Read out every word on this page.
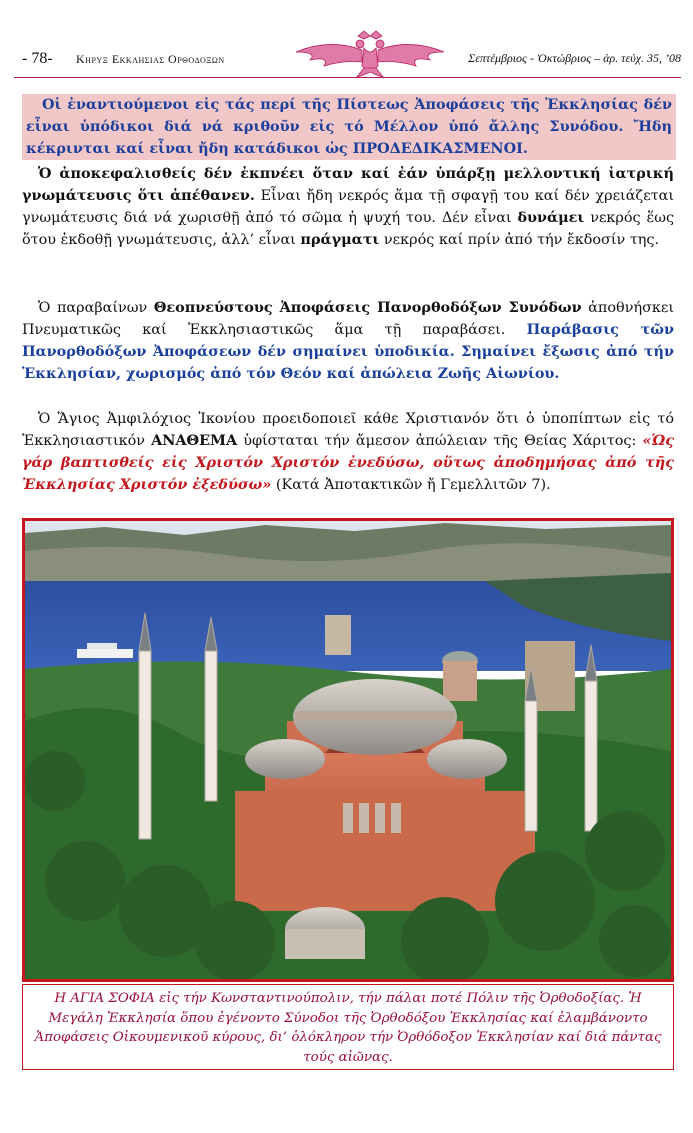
- 78- Κηρυξ Εκκλησιας Ορθοδοξων	Σεπτέμβριος - Ὀκτώβριος – ἀρ. τεύχ. 35, ’08

Οἱ ἐναντιούμενοι εἰς τάς περί τῆς Πίστεως Ἀποφάσεις τῆς Ἐκκλησίας δέν εἶναι ὑπόδικοι διά νά κριθοῦν εἰς τό Μέλλον ὑπό ἄλλης Συνόδου. Ἤδη κέκρινται καί εἶναι ἤδη κατάδικοι ὡς ΠΡΟΔΕΔΙΚΑΣΜΕΝΟΙ.

Ὁ ἀποκεφαλισθείς δέν ἐκπνέει ὅταν καί ἐάν ὑπάρξῃ μελλοντική ἰατρική γνωμάτευσις ὅτι ἀπέθανεν. Εἶναι ἤδη νεκρός ἅμα τῇ σφαγῇ του καί δέν χρειάζεται γνωμάτευσις διά νά χωρισθῇ ἀπό τό σῶμα ἡ ψυχή του. Δέν εἶναι δυνάμει νεκρός ἕως ὅτου ἐκδοθῇ γνωμάτευσις, ἀλλ’ εἶναι πράγματι νεκρός καί πρίν ἀπό τήν ἔκδοσίν της.

Ὁ παραβαίνων Θεοπνεύστους Ἀποφάσεις Πανορθοδόξων Συνόδων ἀποθνήσκει Πνευματικῶς καί Ἐκκλησιαστικῶς ἅμα τῇ παραβάσει. Παράβασις τῶν Πανορθοδόξων Ἀποφάσεων δέν σημαίνει ὑποδικία. Σημαίνει ἔξωσις ἀπό τήν Ἐκκλησίαν, χωρισμός ἀπό τόν Θεόν καί ἀπώλεια Ζωῆς Αἰωνίου.

Ὁ Ἅγιος Ἀμφιλόχιος Ἰκονίου προειδοποιεῖ κάθε Χριστιανόν ὅτι ὁ ὑποπίπτων εἰς τό Ἐκκλησιαστικόν ΑΝΑΘΕΜΑ ὑφίσταται τήν ἄμεσον ἀπώλειαν τῆς Θείας Χάριτος: «Ὡς γάρ βαπτισθείς εἰς Χριστόν Χριστόν ἐνεδύσω, οὕτως ἀποδημήσας ἀπό τῆς Ἐκκλησίας Χριστόν ἐξεδύσω» (Κατά Ἀποτακτικῶν ἤ Γεμελλιτῶν 7).

Η ΑΓΙΑ ΣΟΦΙΑ εἰς τήν Κωνσταντινούπολιν, τήν πάλαι ποτέ Πόλιν τῆς Ὀρθοδοξίας. Ἡ Μεγάλη Ἐκκλησία ὅπου ἐγένοντο Σύνοδοι τῆς Ὀρθοδόξου Ἐκκλησίας καί ἐλαμβάνοντο Ἀποφάσεις Οἰκουμενικοῦ κύρους, δι’ ὁλόκληρον τήν Ὀρθόδοξον Ἐκκλησίαν καί διά πάντας τούς αἰῶνας.
